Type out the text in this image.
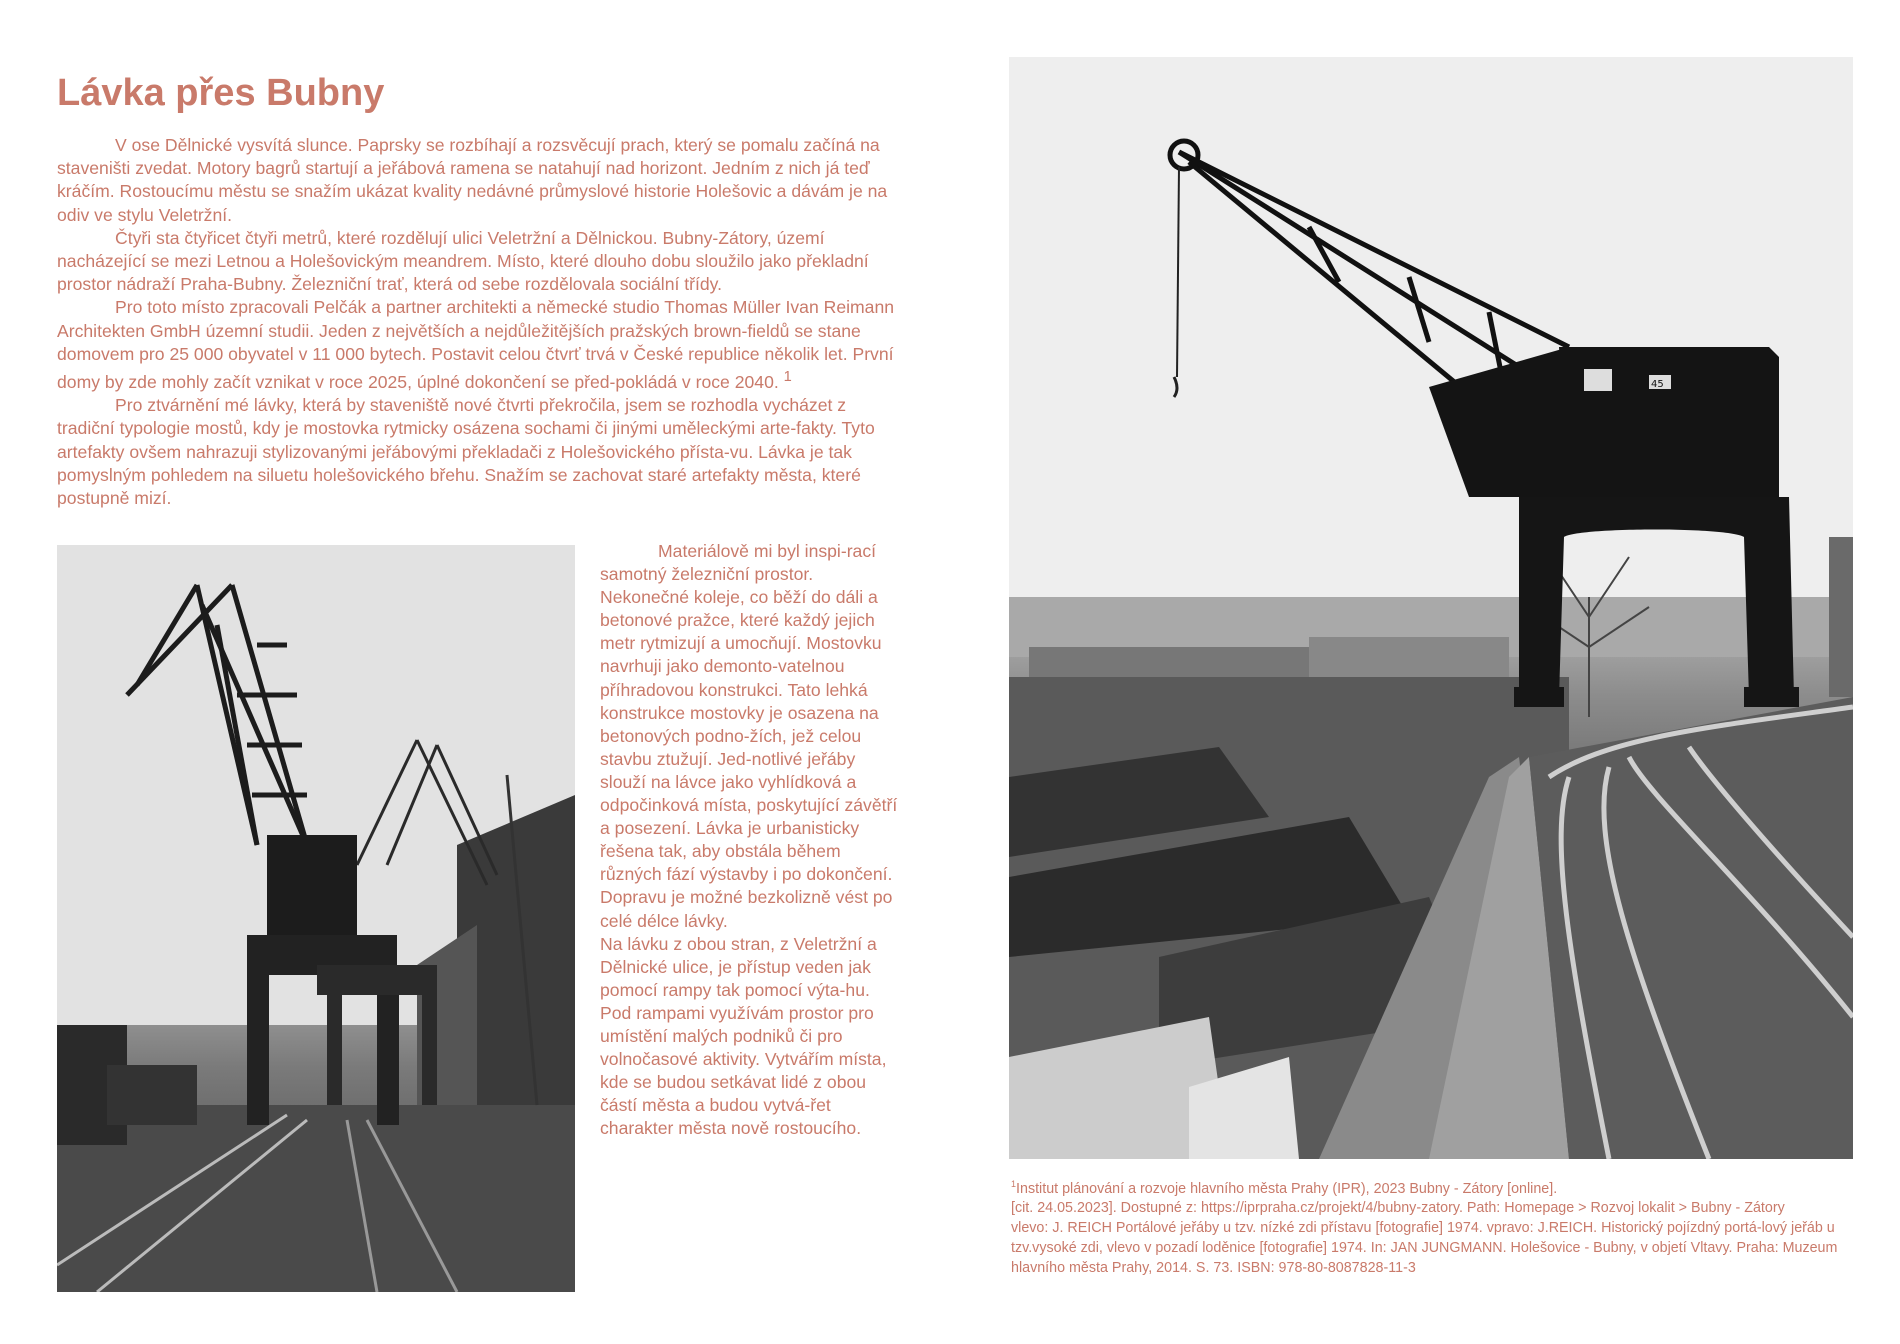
Lávka přes Bubny

V ose Dělnické vysvítá slunce. Paprsky se rozbíhají a rozsvěcují prach, který se pomalu začíná na staveništi zvedat. Motory bagrů startují a jeřábová ramena se natahují nad horizont. Jedním z nich já teď kráčím. Rostoucímu městu se snažím ukázat kvality nedávné průmyslové historie Holešovic a dávám je na odiv ve stylu Veletržní.

Čtyři sta čtyřicet čtyři metrů, které rozdělují ulici Veletržní a Dělnickou. Bubny-Zátory, území nacházející se mezi Letnou a Holešovickým meandrem. Místo, které dlouho dobu sloužilo jako překladní prostor nádraží Praha-Bubny. Železniční trať, která od sebe rozdělovala sociální třídy.

Pro toto místo zpracovali Pelčák a partner architekti a německé studio Thomas Müller Ivan Reimann Architekten GmbH územní studii. Jeden z největších a nejdůležitějších pražských brown-fieldů se stane domovem pro 25 000 obyvatel v 11 000 bytech. Postavit celou čtvrť trvá v České republice několik let. První domy by zde mohly začít vznikat v roce 2025, úplné dokončení se před-pokládá v roce 2040. $^1$

Pro ztvárnění mé lávky, která by staveniště nové čtvrti překročila, jsem se rozhodla vycházet z tradiční typologie mostů, kdy je mostovka rytmicky osázena sochami či jinými uměleckými arte-fakty. Tyto artefakty ovšem nahrazuji stylizovanými jeřábovými překladači z Holešovického přísta-vu. Lávka je tak pomyslným pohledem na siluetu holešovického břehu. Snažím se zachovat staré artefakty města, které postupně mizí.

Materiálově mi byl inspi-rací samotný železniční prostor. Nekonečné koleje, co běží do dáli a betonové pražce, které každý jejich metr rytmizují a umocňují. Mostovku navrhuji jako demonto-vatelnou příhradovou konstrukci. Tato lehká konstrukce mostovky je osazena na betonových podno-žích, jež celou stavbu ztužují. Jed-notlivé jeřáby slouží na lávce jako vyhlídková a odpočinková místa, poskytující závětří a posezení. Lávka je urbanisticky řešena tak, aby obstála během různých fází výstavby i po dokončení. Dopravu je možné bezkolizně vést po celé délce lávky.

Na lávku z obou stran, z Veletržní a Dělnické ulice, je přístup veden jak pomocí rampy tak pomocí výta-hu. Pod rampami využívám prostor pro umístění malých podniků či pro volnočasové aktivity. Vytvářím místa, kde se budou setkávat lidé z obou částí města a budou vytvá-řet charakter města nově rostoucího.

45

$^1$Institut plánování a rozvoje hlavního města Prahy (IPR), 2023 Bubny - Zátory [online].

[cit. 24.05.2023]. Dostupné z: https://iprpraha.cz/projekt/4/bubny-zatory. Path: Homepage > Rozvoj lokalit > Bubny - Zátory

vlevo: J. REICH Portálové jeřáby u tzv. nízké zdi přístavu [fotografie] 1974. vpravo: J.REICH. Historický pojízdný portá-lový jeřáb u tzv.vysoké zdi, vlevo v pozadí loděnice [fotografie] 1974. In: JAN JUNGMANN. Holešovice - Bubny, v objetí Vltavy. Praha: Muzeum hlavního města Prahy, 2014. S. 73. ISBN: 978-80-8087828-11-3
